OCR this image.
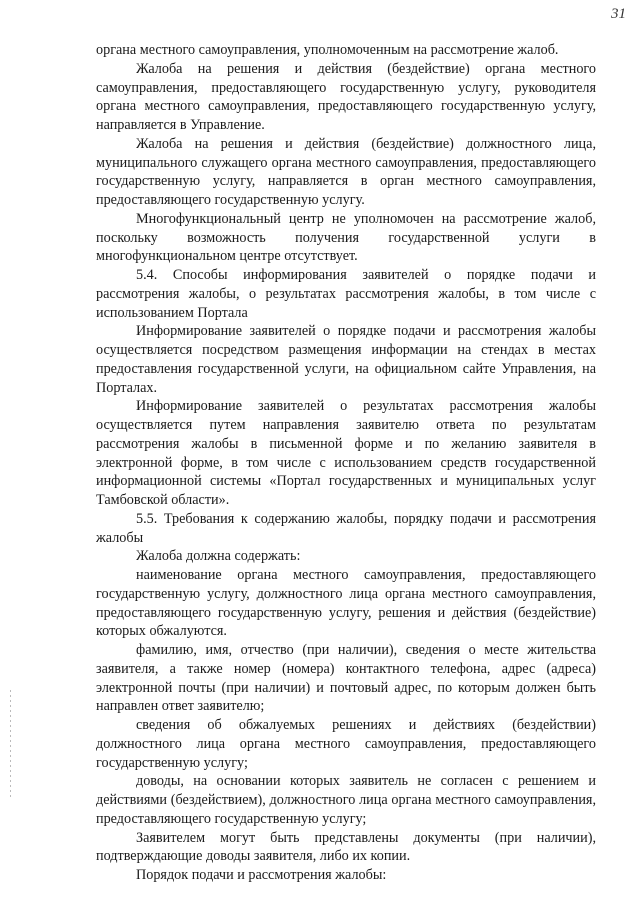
31

органа местного самоуправления, уполномоченным на рассмотрение жалоб.

Жалоба на решения и действия (бездействие) органа местного самоуправления, предоставляющего государственную услугу, руководителя органа местного самоуправления, предоставляющего государственную услугу, направляется в Управление.

Жалоба на решения и действия (бездействие) должностного лица, муниципального служащего органа местного самоуправления, предоставляющего государственную услугу, направляется в орган местного самоуправления, предоставляющего государственную услугу.

Многофункциональный центр не уполномочен на рассмотрение жалоб, поскольку возможность получения государственной услуги в многофункциональном центре отсутствует.

5.4. Способы информирования заявителей о порядке подачи и рассмотрения жалобы, о результатах рассмотрения жалобы, в том числе с использованием Портала

Информирование заявителей о порядке подачи и рассмотрения жалобы осуществляется посредством размещения информации на стендах в местах предоставления государственной услуги, на официальном сайте Управления, на Порталах.

Информирование заявителей о результатах рассмотрения жалобы осуществляется путем направления заявителю ответа по результатам рассмотрения жалобы в письменной форме и по желанию заявителя в электронной форме, в том числе с использованием средств государственной информационной системы «Портал государственных и муниципальных услуг Тамбовской области».

5.5. Требования к содержанию жалобы, порядку подачи и рассмотрения жалобы

Жалоба должна содержать:

наименование органа местного самоуправления, предоставляющего государственную услугу, должностного лица органа местного самоуправления, предоставляющего государственную услугу, решения и действия (бездействие) которых обжалуются.

фамилию, имя, отчество (при наличии), сведения о месте жительства заявителя, а также номер (номера) контактного телефона, адрес (адреса) электронной почты (при наличии) и почтовый адрес, по которым должен быть направлен ответ заявителю;

сведения об обжалуемых решениях и действиях (бездействии) должностного лица органа местного самоуправления, предоставляющего государственную услугу;

доводы, на основании которых заявитель не согласен с решением и действиями (бездействием), должностного лица органа местного самоуправления, предоставляющего государственную услугу;

Заявителем могут быть представлены документы (при наличии), подтверждающие доводы заявителя, либо их копии.

Порядок подачи и рассмотрения жалобы:
